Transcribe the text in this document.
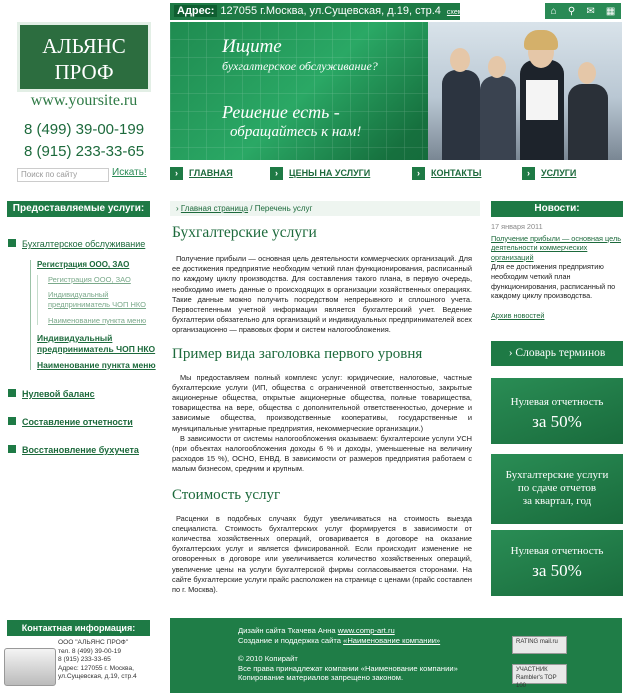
Адрес: 127055 г.Москва, ул.Сущевская, д.19, стр.4 схема проезда	⌂ ⚲ ✉ ▦
АЛЬЯНС
ПРОФ
www.yoursite.ru
8 (499) 39-00-199
8 (915) 233-33-65
Поиск по сайту	Искать!
Ищите
бухгалтерское обслуживание?
Решение есть -
обращайтесь к нам!
›	ГЛАВНАЯ	›	ЦЕНЫ НА УСЛУГИ	›	КОНТАКТЫ	›	УСЛУГИ
Предоставляемые услуги:
Бухгалтерское обслуживание
Регистрация ООО, ЗАО
Регистрация ООО, ЗАО
Индивидуальный предприниматель ЧОП НКО
Наименование пункта меню
Индивидуальный предприниматель ЧОП НКО
Наименование пункта меню
Нулевой баланс
Составление отчетности
Восстановление бухучета
› Главная страница / Перечень услуг
Бухгалтерские услуги

Получение прибыли — основная цель деятельности коммерческих организаций. Для ее достижения предприятие необходим четкий план функционирования, расписанный по каждому циклу производства. Для составления такого плана, в первую очередь, необходимо иметь данные о происходящих в организации хозяйственных операциях. Такие данные можно получить посредством непрерывного и сплошного учета. Первостепенным учетной информации является бухгалтерский учет. Ведение бухгалтерии обязательно для организаций и индивидуальных предпринимателей всех организационно — правовых форм и систем налогообложения.

Пример вида заголовка первого уровня

Мы предоставляем полный комплекс услуг: юридические, налоговые, частные бухгалтерские услуги (ИП, общества с ограниченной ответственностью, закрытые акционерные общества, открытые акционерные общества, полные товарищества, товарищества на вере, общества с дополнительной ответственностью, дочерние и зависимые общества, производственные кооперативы, государственные и муниципальные унитарные предприятия, некоммерческие организации.)

В зависимости от системы налогообложения оказываем: бухгалтерские услуги УСН (при объектах налогообложения доходы 6 % и доходы, уменьшенные на величину расходов 15 %), ОСНО, ЕНВД. В зависимости от размеров предприятия работаем с малым бизнесом, средним и крупным.

Стоимость услуг

Расценки в подобных случаях будут увеличиваться на стоимость выезда специалиста. Стоимость бухгалтерских услуг формируется в зависимости от количества хозяйственных операций, оговаривается в договоре на оказание бухгалтерских услуг и является фиксированной. Если происходит изменение не оговоренных в договоре или увеличивается количество хозяйственных операций, увеличение цены на услуги бухгалтерской фирмы согласовывается сторонами. На сайте бухгалтерские услуги прайс расположен на странице с ценами (прайс составлен по г. Москва).

Новости:
17 января 2011
Получение прибыли — основная цель деятельности коммерческих организаций
Для ее достижения предприятию необходим четкий план функционирования, расписанный по каждому циклу производства.
Архив новостей
› Словарь терминов
Нулевая отчетность
за 50%
Бухгалтерские услуги
по сдаче отчетов
за квартал, год
Нулевая отчетность
за 50%
Контактная информация:
ООО "АЛЬЯНС ПРОФ"
тел. 8 (499) 39-00-19
8 (915) 233-33-65
Адрес: 127055 г. Москва,
ул.Сущевская, д.19, стр.4
Дизайн сайта Ткачева Анна www.comp-art.ru
Создание и поддержка сайта «Наименование компании»
© 2010 Копирайт
Все права принадлежат компании «Наименование компании»
Копирование материалов запрещено законом.
RATING mail.ru
УЧАСТНИК Rambler's TOP 100
